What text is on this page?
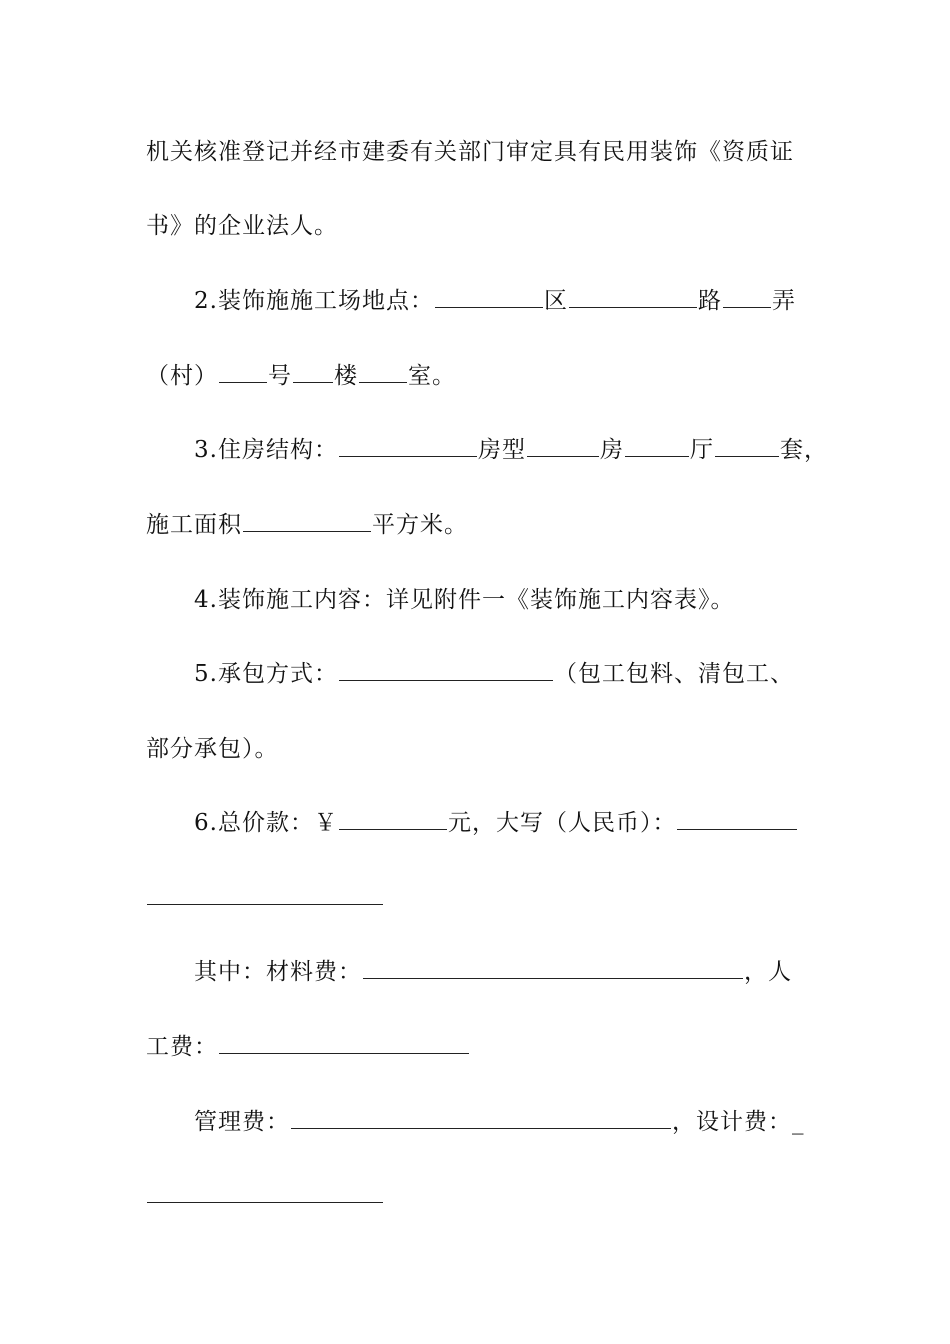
机关核准登记并经市建委有关部门审定具有民用装饰《资质证
书》的企业法人。
2.装饰施施工场地点：	区	路 弄
（村） 号 楼 室。
3.住房结构：	房型	房	厅	套，
施工面积	平方米。
4.装饰施工内容：详见附件一《装饰施工内容表》。
5.承包方式：	（包工包料、清包工、
部分承包）。
6.总价款：￥	元，大写（人民币）：
其中：材料费：	，人
工费：
管理费：	，设计费：_
